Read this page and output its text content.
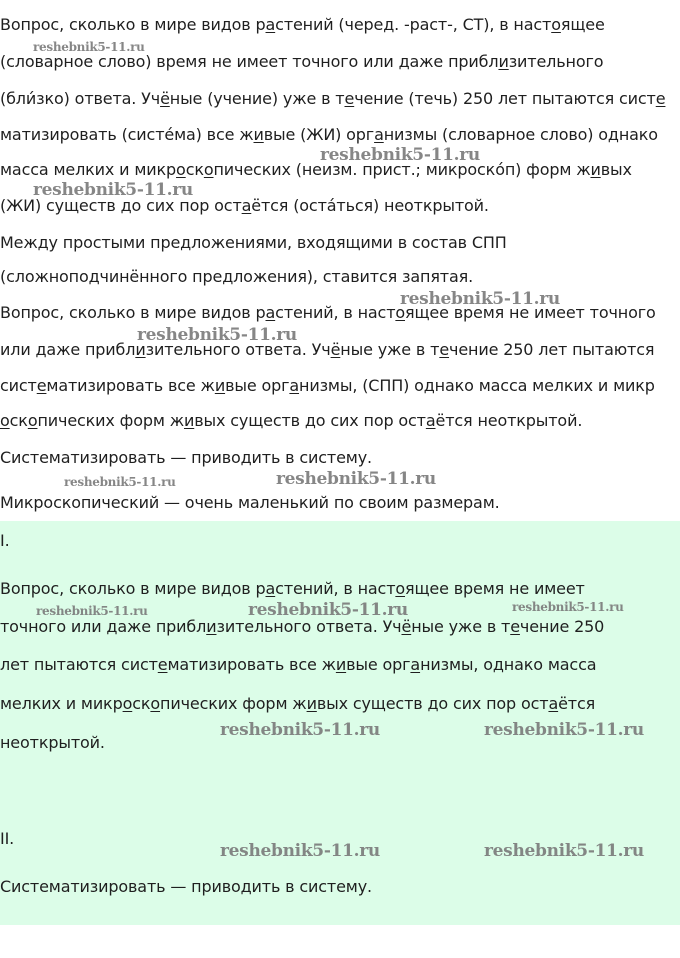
Вопрос, сколько в мире видов растений (черед. -раст-, СТ), в настоящее
(словарное слово) время не имеет точного или даже приблизительного
(бли́зко) ответа. Учёные (учение) уже в течение (течь) 250 лет пытаются систе
матизировать (систе́ма) все живые (ЖИ) организмы (словарное слово) однако
масса мелких и микроскопических (неизм. прист.; микроско́п) форм живых
(ЖИ) существ до сих пор остаётся (оста́ться) неоткрытой.
Между простыми предложениями, входящими в состав СПП
(сложноподчинённого предложения), ставится запятая.
Вопрос, сколько в мире видов растений, в настоящее время не имеет точного
или даже приблизительного ответа. Учёные уже в течение 250 лет пытаются
систематизировать все живые организмы, (СПП) однако масса мелких и микр
оскопических форм живых существ до сих пор остаётся неоткрытой.
Систематизировать — приводить в систему.
Микроскопический — очень маленький по своим размерам.
I.
Вопрос, сколько в мире видов растений, в настоящее время не имеет
точного или даже приблизительного ответа. Учёные уже в течение 250
лет пытаются систематизировать все живые организмы, однако масса
мелких и микроскопических форм живых существ до сих пор остаётся
неоткрытой.
II.
Систематизировать — приводить в систему.
reshebnik5-11.ru
reshebnik5-11.ru
reshebnik5-11.ru
reshebnik5-11.ru
reshebnik5-11.ru
reshebnik5-11.ru	reshebnik5-11.ru
reshebnik5-11.ru	reshebnik5-11.ru	reshebnik5-11.ru
reshebnik5-11.ru	reshebnik5-11.ru
reshebnik5-11.ru	reshebnik5-11.ru
